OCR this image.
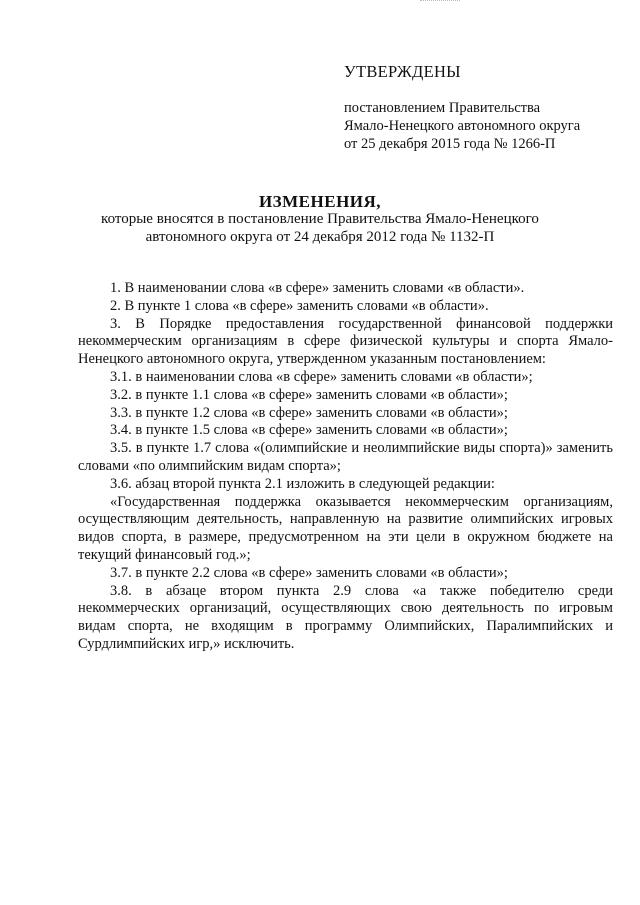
УТВЕРЖДЕНЫ
постановлением Правительства
Ямало-Ненецкого автономного округа
от 25 декабря 2015 года № 1266-П
ИЗМЕНЕНИЯ,
которые вносятся в постановление Правительства Ямало-Ненецкого
автономного округа от 24 декабря 2012 года № 1132-П

1. В наименовании слова «в сфере» заменить словами «в области».

2. В пункте 1 слова «в сфере» заменить словами «в области».

3. В Порядке предоставления государственной финансовой поддержки некоммерческим организациям в сфере физической культуры и спорта Ямало-Ненецкого автономного округа, утвержденном указанным постановлением:

3.1. в наименовании слова «в сфере» заменить словами «в области»;

3.2. в пункте 1.1 слова «в сфере» заменить словами «в области»;

3.3. в пункте 1.2 слова «в сфере» заменить словами «в области»;

3.4. в пункте 1.5 слова «в сфере» заменить словами «в области»;

3.5. в пункте 1.7 слова «(олимпийские и неолимпийские виды спорта)» заменить словами «по олимпийским видам спорта»;

3.6. абзац второй пункта 2.1 изложить в следующей редакции:

«Государственная поддержка оказывается некоммерческим организациям, осуществляющим деятельность, направленную на развитие олимпийских игровых видов спорта, в размере, предусмотренном на эти цели в окружном бюджете на текущий финансовый год.»;

3.7. в пункте 2.2 слова «в сфере» заменить словами «в области»;

3.8. в абзаце втором пункта 2.9 слова «а также победителю среди некоммерческих организаций, осуществляющих свою деятельность по игровым видам спорта, не входящим в программу Олимпийских, Паралимпийских и Сурдлимпийских игр,» исключить.
